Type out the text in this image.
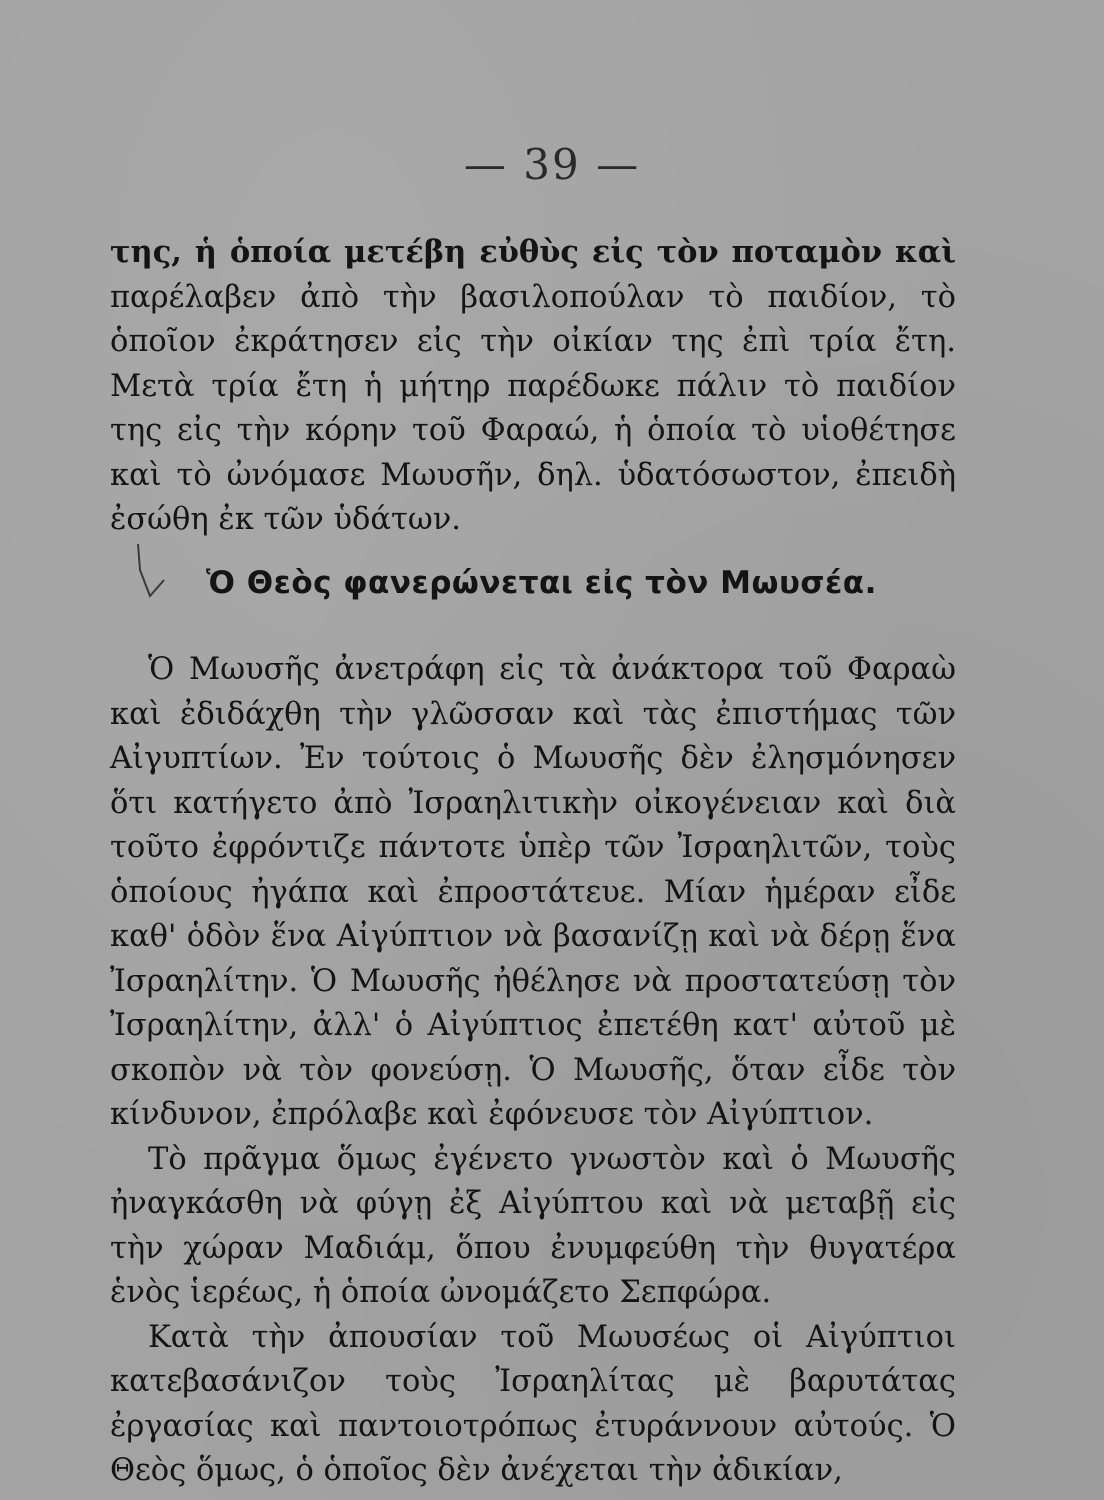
— 39 —
της, ἡ ὁποία μετέβη εὐθὺς εἰς τὸν ποταμὸν καὶ παρέλαβεν ἀπὸ τὴν βασιλοπούλαν τὸ παιδίον, τὸ ὁποῖον ἐκράτησεν εἰς τὴν οἰκίαν της ἐπὶ τρία ἔτη. Μετὰ τρία ἔτη ἡ μήτηρ παρέδωκε πάλιν τὸ παιδίον της εἰς τὴν κόρην τοῦ Φαραώ, ἡ ὁποία τὸ υἱοθέτησε καὶ τὸ ὠνόμασε Μωυσῆν, δηλ. ὑδατόσωστον, ἐπειδὴ ἐσώθη ἐκ τῶν ὑδάτων.
Ὁ Θεὸς φανερώνεται εἰς τὸν Μωυσέα.

Ὁ Μωυσῆς ἀνετράφη εἰς τὰ ἀνάκτορα τοῦ Φαραὼ καὶ ἐδιδάχθη τὴν γλῶσσαν καὶ τὰς ἐπιστήμας τῶν Αἰγυπτίων. Ἐν τούτοις ὁ Μωυσῆς δὲν ἐλησμόνησεν ὅτι κατήγετο ἀπὸ Ἰσραηλιτικὴν οἰκογένειαν καὶ διὰ τοῦτο ἐφρόντιζε πάντοτε ὑπὲρ τῶν Ἰσραηλιτῶν, τοὺς ὁποίους ἠγάπα καὶ ἐπροστάτευε. Μίαν ἡμέραν εἶδε καθ' ὁδὸν ἕνα Αἰγύπτιον νὰ βασανίζῃ καὶ νὰ δέρῃ ἕνα Ἰσραηλίτην. Ὁ Μωυσῆς ἠθέλησε νὰ προστατεύσῃ τὸν Ἰσραηλίτην, ἀλλ' ὁ Αἰγύπτιος ἐπετέθη κατ' αὐτοῦ μὲ σκοπὸν νὰ τὸν φονεύσῃ. Ὁ Μωυσῆς, ὅταν εἶδε τὸν κίνδυνον, ἐπρόλαβε καὶ ἐφόνευσε τὸν Αἰγύπτιον.

Τὸ πρᾶγμα ὅμως ἐγένετο γνωστὸν καὶ ὁ Μωυσῆς ἠναγκάσθη νὰ φύγῃ ἐξ Αἰγύπτου καὶ νὰ μεταβῇ εἰς τὴν χώραν Μαδιάμ, ὅπου ἐνυμφεύθη τὴν θυγατέρα ἑνὸς ἱερέως, ἡ ὁποία ὠνομάζετο Σεπφώρα.

Κατὰ τὴν ἀπουσίαν τοῦ Μωυσέως οἱ Αἰγύπτιοι κατεβασάνιζον τοὺς Ἰσραηλίτας μὲ βαρυτάτας ἐργασίας καὶ παντοιοτρόπως ἐτυράννουν αὐτούς. Ὁ Θεὸς ὅμως, ὁ ὁποῖος δὲν ἀνέχεται τὴν ἀδικίαν,
